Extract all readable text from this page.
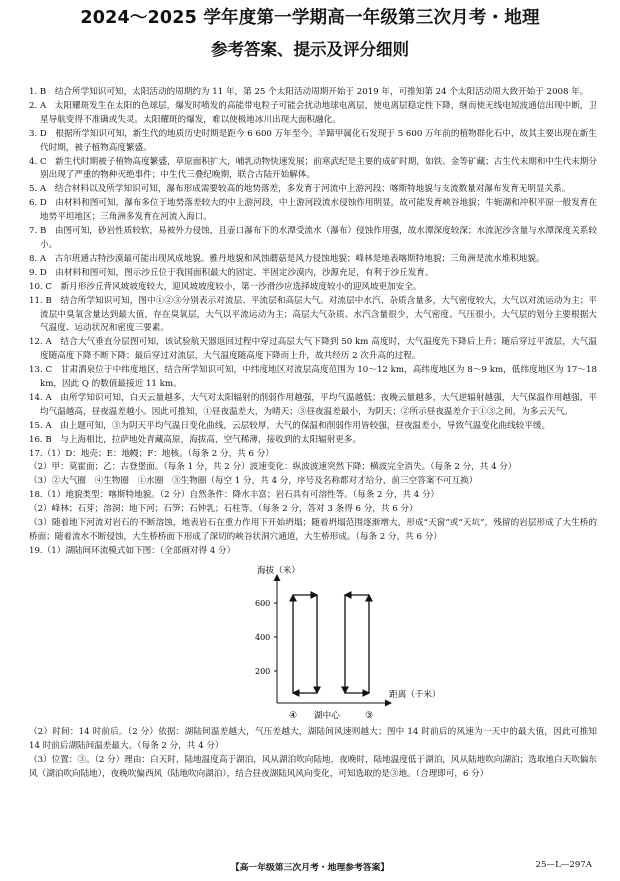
2024～2025 学年度第一学期高一年级第三次月考・地理
参考答案、提示及评分细则

1. B　结合所学知识可知，太阳活动的周期约为 11 年，第 25 个太阳活动周期开始于 2019 年，可推知第 24 个太阳活动周大致开始于 2008 年。

2. A　太阳耀斑发生在太阳的色球层，爆发时喷发的高能带电粒子可能会扰动地球电离层，使电离层稳定性下降，继而使无线电短波通信出现中断，卫星导航变得不准确或失灵。太阳耀斑的爆发，难以使极地冰川出现大面积融化。

3. D　根据所学知识可知，新生代的地质历史时期是距今 6 600 万年至今。羊蹄甲属化石发现于 5 600 万年前的植物群化石中，故其主要出现在新生代时期，被子植物高度繁盛。

4. C　新生代时期被子植物高度繁盛，草原面积扩大，哺乳动物快速发展；前寒武纪是主要的成矿时期，如铁、金等矿藏；古生代末期和中生代末期分别出现了严重的物种灭绝事件；中生代三叠纪晚期，联合古陆开始解体。

5. A　结合材料以及所学知识可知，瀑布形成需要较高的地势落差，多发育于河流中上游河段；喀斯特地貌与支流数量对瀑布发育无明显关系。

6. D　由材料和图可知，瀑布多位于地势落差较大的中上游河段，中上游河段流水侵蚀作用明显，故可能发育峡谷地貌；牛轭湖和冲积平原一般发育在地势平坦地区；三角洲多发育在河流入海口。

7. B　由图可知，砂岩性质较软，易被外力侵蚀，且壶口瀑布下的水潭受流水（瀑布）侵蚀作用强，故水潭深度较深；水流泥沙含量与水潭深度关系较小。

8. A　古尔班通古特沙漠最可能出现风成地貌。雅丹地貌和风蚀蘑菇是风力侵蚀地貌；峰林是地表喀斯特地貌；三角洲是流水堆积地貌。

9. D　由材料和图可知，图示沙丘位于我国面积最大的固定、半固定沙漠内，沙源充足，有利于沙丘发育。

10. C　新月形沙丘背风坡坡度较大，迎风坡坡度较小，第一沙滑沙应选择坡度较小的迎风坡更加安全。

11. B　结合所学知识可知，图中①②③分别表示对流层、平流层和高层大气。对流层中水汽、杂质含量多，大气密度较大，大气以对流运动为主；平流层中臭氧含量达到最大值，存在臭氧层，大气以平流运动为主；高层大气杂质、水汽含量很少，大气密度、气压很小，大气层的划分主要根据大气温度、运动状况和密度三要素。

12. A　结合大气垂直分层图可知，该试验航天器返回过程中穿过高层大气下降到 50 km 高度时，大气温度先下降后上升；随后穿过平流层，大气温度随高度下降不断下降；最后穿过对流层，大气温度随高度下降而上升，故共经历 2 次升高的过程。

13. C　甘肃酒泉位于中纬度地区，结合所学知识可知，中纬度地区对流层高度范围为 10～12 km，高纬度地区为 8～9 km，低纬度地区为 17～18 km，因此 Q 的数值最接近 11 km。

14. A　由所学知识可知，白天云量越多，大气对太阳辐射的削弱作用越强，平均气温越低；夜晚云量越多，大气逆辐射越强，大气保温作用越强，平均气温越高，昼夜温差越小。因此可推知，①昼夜温差大，为晴天；③昼夜温差最小，为阴天；②所示昼夜温差介于①③之间，为多云天气。

15. A　由上题可知，③为阴天平均气温日变化曲线，云层较厚，大气的保温和削弱作用皆较强，昼夜温差小，导致气温变化曲线较平缓。

16. B　与上海相比，拉萨地处青藏高原，海拔高，空气稀薄，接收到的太阳辐射更多。

17.（1）D：地壳；E：地幔；F：地核。（每条 2 分，共 6 分）

（2）甲：莫霍面；乙：古登堡面。（每条 1 分，共 2 分）波速变化：纵波波速突然下降；横波完全消失。（每条 2 分，共 4 分）

（3）②大气圈　④生物圈　①水圈　③生物圈（每空 1 分，共 4 分，序号及名称都对才给分，前三空答案不可互换）

18.（1）地貌类型：喀斯特地貌。（2 分）自然条件：降水丰富；岩石具有可溶性等。（每条 2 分，共 4 分）

（2）峰林；石芽；溶洞；地下河；石笋；石钟乳；石柱等。（每条 2 分，答对 3 条得 6 分，共 6 分）

（3）随着地下河流对岩石的不断溶蚀，地表岩石在重力作用下开始坍塌；随着坍塌范围逐渐增大，形成“天窗”或“天坑”，残留的岩层形成了大生桥的桥面；随着流水不断侵蚀，大生桥桥面下形成了深切的峡谷状洞穴通道，大生桥形成。（每条 2 分，共 6 分）

19.（1）湖陆间环流模式如下图：（全部画对得 4 分）

海拔（米）
距离（千米）
600
400
200
④ 湖中心	③

（2）时间：14 时前后。（2 分）依据：湖陆间温差越大，气压差越大，湖陆间风速则越大；图中 14 时前后的风速为一天中的最大值，因此可推知 14 时前后湖陆间温差最大。（每条 2 分，共 4 分）

（3）位置：③。（2 分）理由：白天时，陆地温度高于湖泊，风从湖泊吹向陆地，夜晚时，陆地温度低于湖泊，风从陆地吹向湖泊；选取地白天吹偏东风（湖泊吹向陆地），夜晚吹偏西风（陆地吹向湖泊），结合昼夜湖陆风风向变化，可知选取的是③地。（合理即可，6 分）

【高一年级第三次月考・地理参考答案】	25—L—297A
